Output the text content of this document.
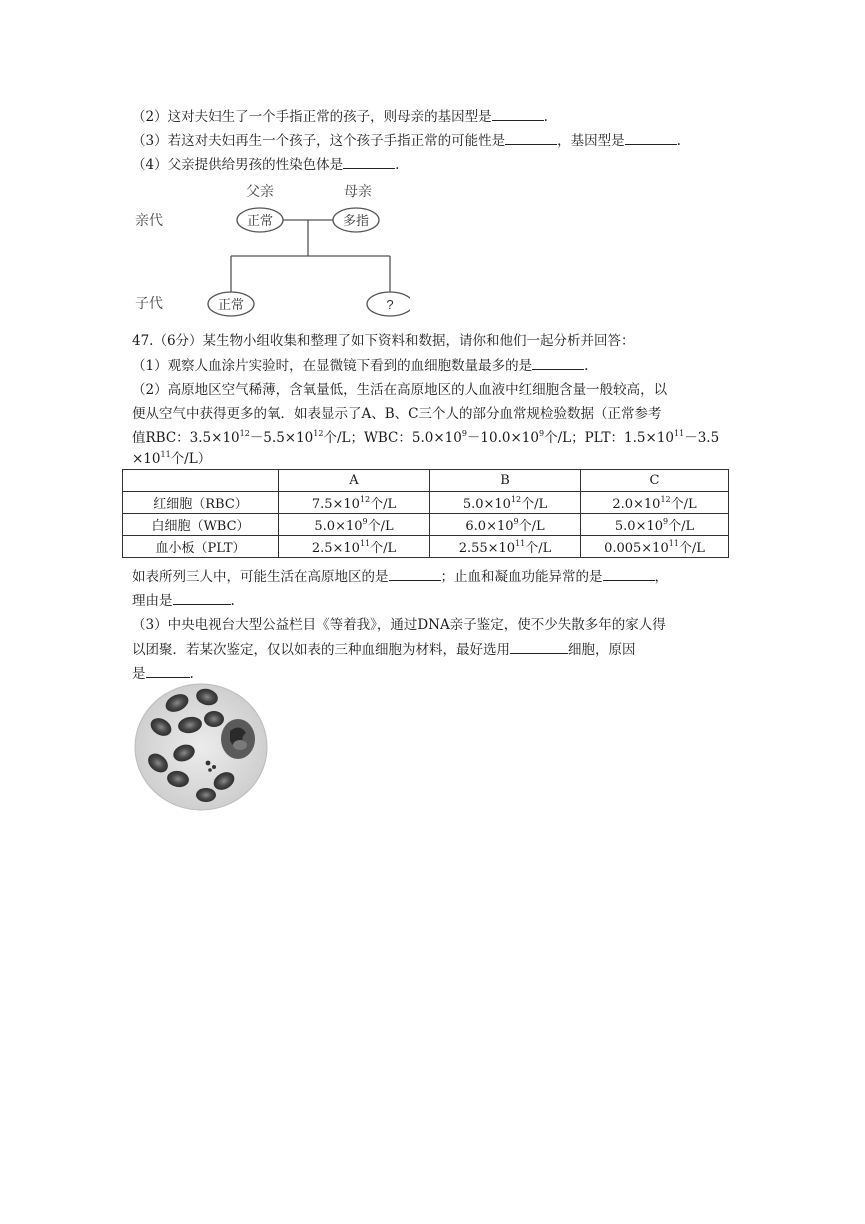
（2）这对夫妇生了一个手指正常的孩子，则母亲的基因型是	.
（3）若这对夫妇再生一个孩子，这个孩子手指正常的可能性是	，基因型是	.
（4）父亲提供给男孩的性染色体是	.
父亲	母亲
亲代
子代
正常	多指
正常	?
47.（6分）某生物小组收集和整理了如下资料和数据，请你和他们一起分析并回答：
（1）观察人血涂片实验时，在显微镜下看到的血细胞数量最多的是	.
（2）高原地区空气稀薄，含氧量低，生活在高原地区的人血液中红细胞含量一般较高，以
便从空气中获得更多的氧．如表显示了A、B、C三个人的部分血常规检验数据（正常参考
值RBC：$3.5\times 10^{12}-5.5\times 10^{12}$个/L；WBC：$5.0\times 10^9-10.0\times 10^9$个/L；PLT：$1.5\times 10^{11}-3.5$
$\times 10^{11}$个/L）
	A	B	C
红细胞（RBC）	$7.5\times 10^{12}$个/L	$5.0\times 10^{12}$个/L	$2.0\times 10^{12}$个/L
白细胞（WBC）	$5.0\times 10^9$个/L	$6.0\times 10^9$个/L	$5.0\times 10^9$个/L
血小板（PLT）	$2.5\times 10^{11}$个/L	$2.55\times 10^{11}$个/L	$0.005\times 10^{11}$个/L
如表所列三人中，可能生活在高原地区的是	；止血和凝血功能异常的是	，
理由是	.
（3）中央电视台大型公益栏目《等着我》，通过DNA亲子鉴定，使不少失散多年的家人得
以团聚．若某次鉴定，仅以如表的三种血细胞为材料，最好选用	细胞，原因
是	.
